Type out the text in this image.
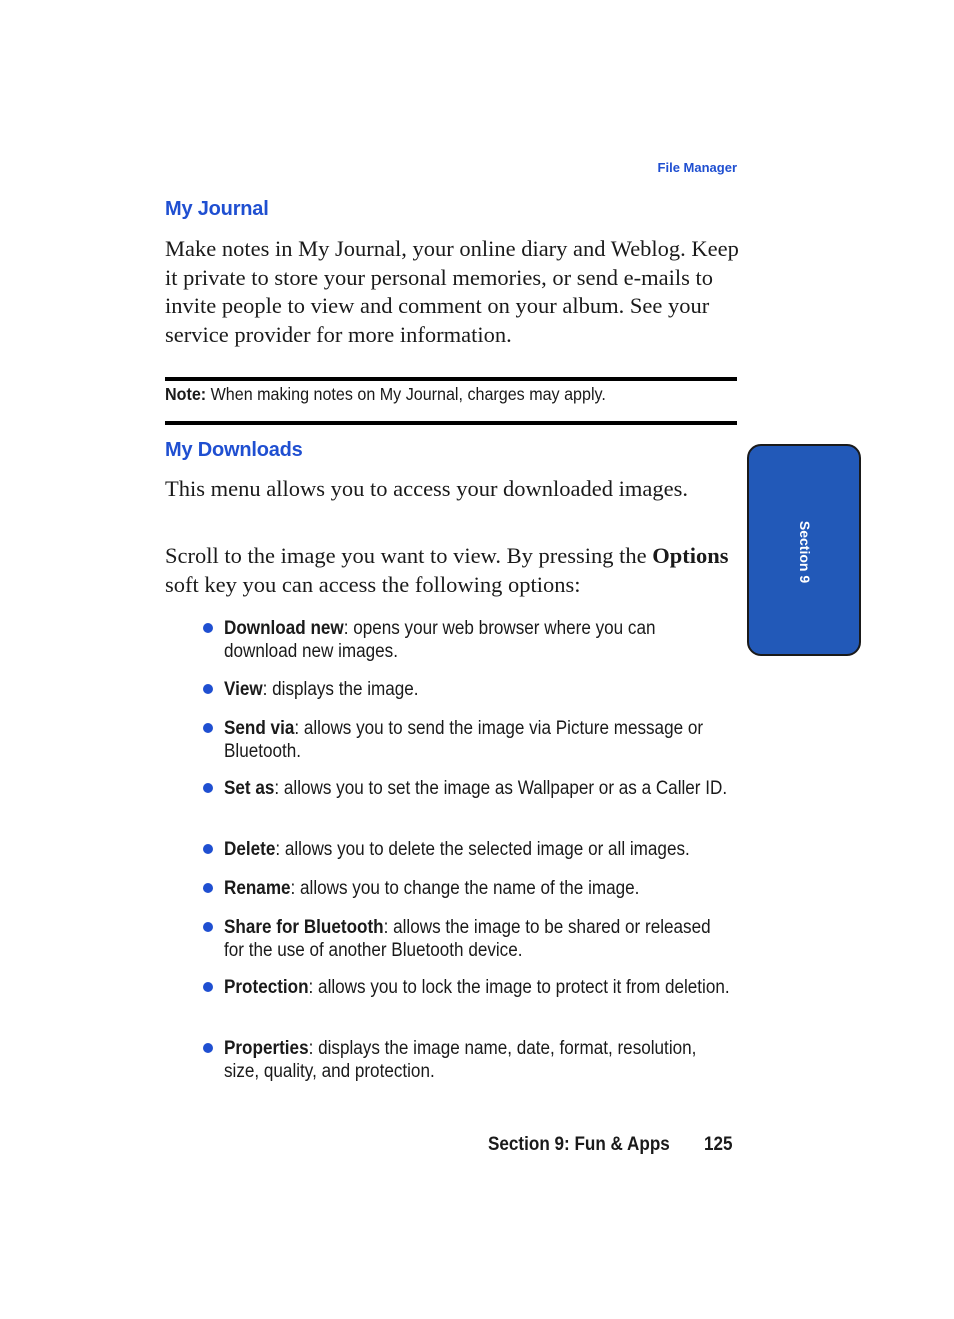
File Manager
My Journal

Make notes in My Journal, your online diary and Weblog. Keep it private to store your personal memories, or send e-mails to invite people to view and comment on your album. See your service provider for more information.

Note: When making notes on My Journal, charges may apply.
My Downloads

This menu allows you to access your downloaded images.

Scroll to the image you want to view. By pressing the Options soft key you can access the following options:

Download new: opens your web browser where you can download new images.
View: displays the image.
Send via: allows you to send the image via Picture message or Bluetooth.
Set as: allows you to set the image as Wallpaper or as a Caller ID.
Delete: allows you to delete the selected image or all images.
Rename: allows you to change the name of the image.
Share for Bluetooth: allows the image to be shared or released for the use of another Bluetooth device.
Protection: allows you to lock the image to protect it from deletion.
Properties: displays the image name, date, format, resolution, size, quality, and protection.
Section 9
Section 9: Fun & Apps 125
